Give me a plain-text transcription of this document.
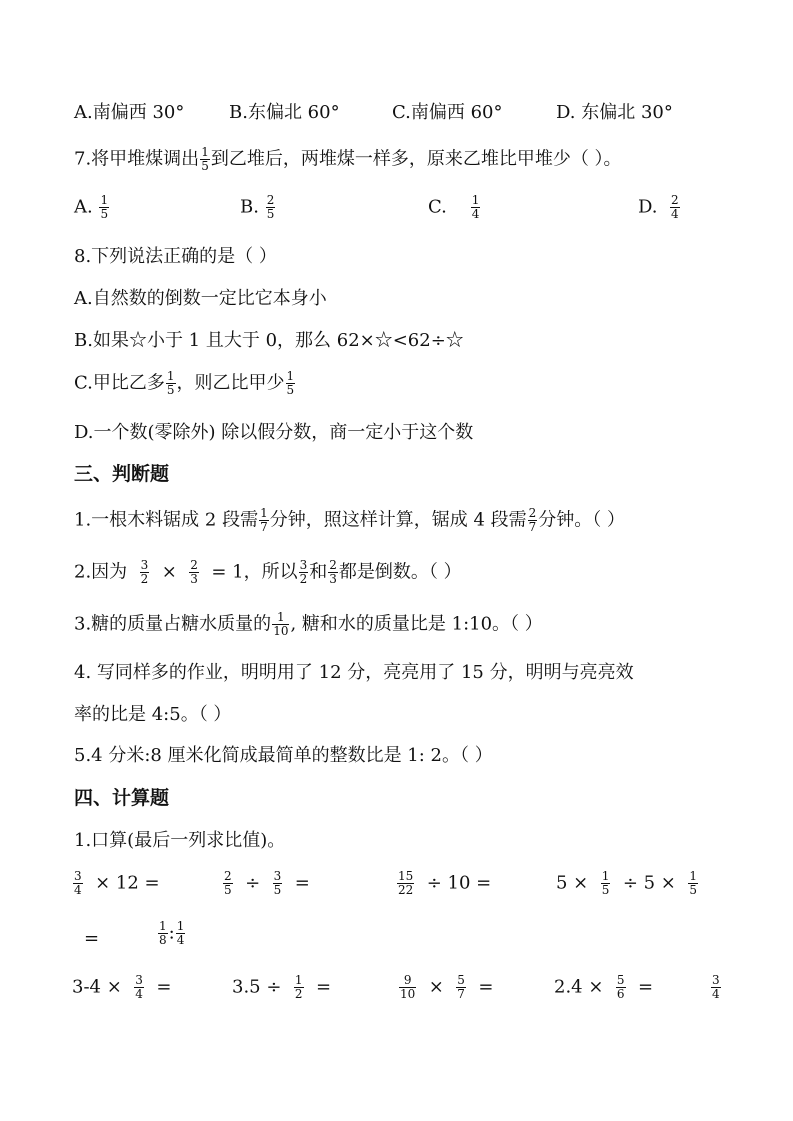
A.南偏西 30° B.东偏北 60°	C.南偏西 60°	D. 东偏北 30°
7.将甲堆煤调出 $\frac{1}{5}$ 到乙堆后，两堆煤一样多，原来乙堆比甲堆少（ ）。
A. $\frac{1}{5}$	B. $\frac{2}{5}$	C. $\frac{1}{4}$	D. $\frac{2}{4}$
8.下列说法正确的是（ ）
A.自然数的倒数一定比它本身小
B.如果☆小于 1 且大于 0，那么 62×☆<62÷☆
C.甲比乙多 $\frac{1}{5}$ ，则乙比甲少 $\frac{1}{5}$
D.一个数(零除外) 除以假分数，商一定小于这个数
三、判断题
1.一根木料锯成 2 段需 $\frac{1}{7}$ 分钟，照这样计算，锯成 4 段需 $\frac{2}{7}$ 分钟。（ ）
2.因为 $\frac{3}{2} \times \frac{2}{3} = 1$，所以 $\frac{3}{2}$ 和 $\frac{2}{3}$ 都是倒数。（ ）
3.糖的质量占糖水质量的 $\frac{1}{10}$ , 糖和水的质量比是 1:10。（ ）
4. 写同样多的作业，明明用了 12 分，亮亮用了 15 分，明明与亮亮效
率的比是 4:5。（ ）
5.4 分米:8 厘米化简成最简单的整数比是 1: 2。（ ）
四、计算题
1.口算(最后一列求比值)。
$\frac{3}{4} \times 12$ =	$\frac{2}{5} \div \frac{3}{5}$ =	$\frac{15}{22} \div 10$ =	$5 \times \frac{1}{5} \div 5 \times \frac{1}{5}$
=	$\frac{1}{8}$ : $\frac{1}{4}$
$3-4 \times \frac{3}{4}$ =	$3.5 \div \frac{1}{2}$ =	$\frac{9}{10} \times \frac{5}{7}$ =	$2.4 \times \frac{5}{6}$ =	$\frac{3}{4}$
